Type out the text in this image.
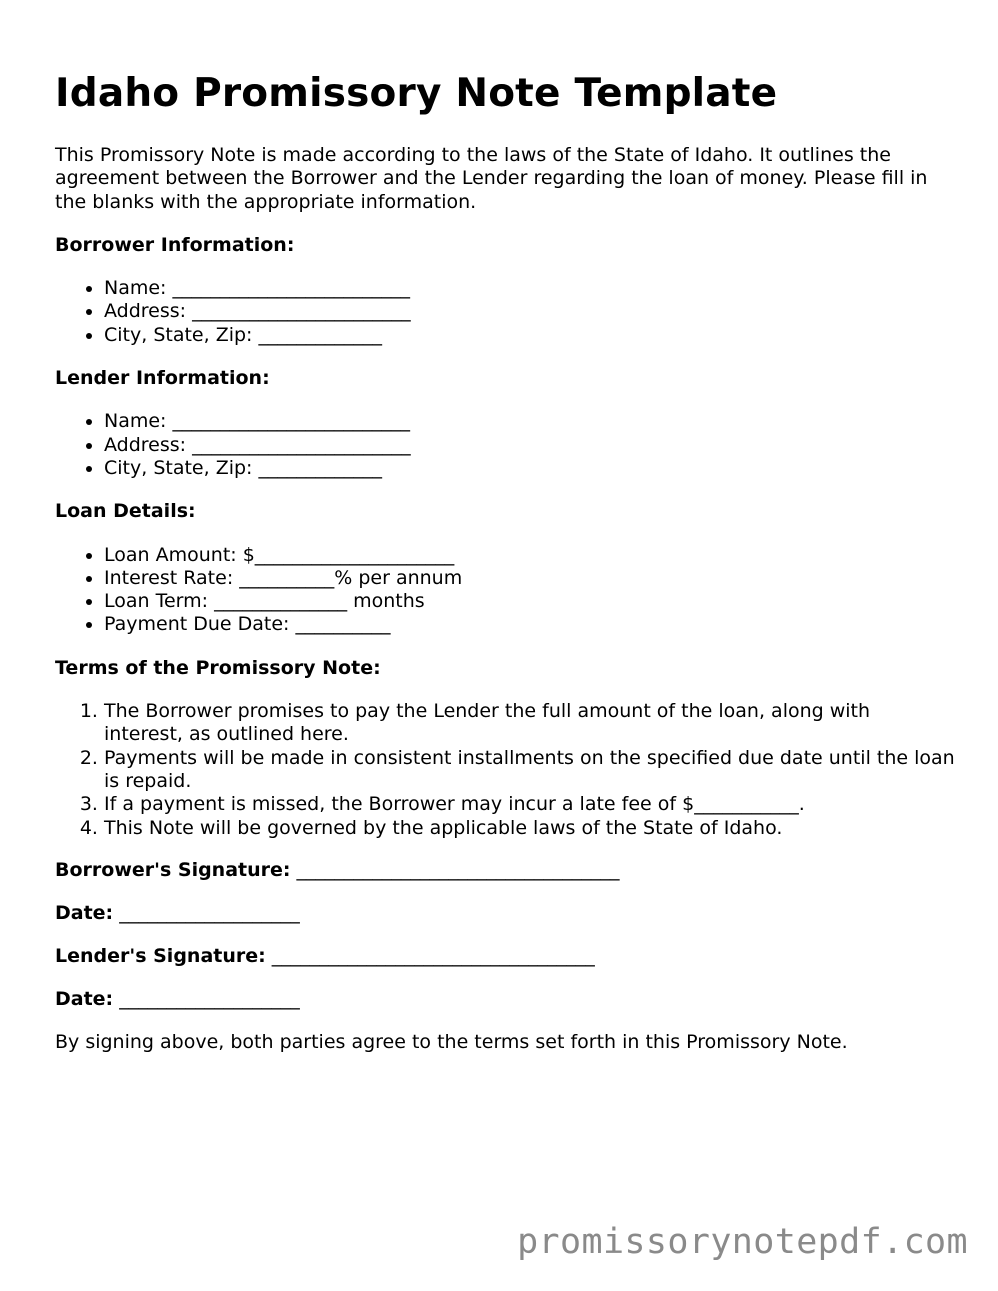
Idaho Promissory Note Template

This Promissory Note is made according to the laws of the State of Idaho. It outlines the agreement between the Borrower and the Lender regarding the loan of money. Please fill in the blanks with the appropriate information.

Borrower Information:

• Name: _________________________
• Address: _______________________
• City, State, Zip: _____________

Lender Information:

• Name: _________________________
• Address: _______________________
• City, State, Zip: _____________

Loan Details:

• Loan Amount: $_____________________
• Interest Rate: __________% per annum
• Loan Term: ______________ months
• Payment Due Date: __________

Terms of the Promissory Note:

1. The Borrower promises to pay the Lender the full amount of the loan, along with interest, as outlined here.
2. Payments will be made in consistent installments on the specified due date until the loan is repaid.
3. If a payment is missed, the Borrower may incur a late fee of $___________.
4. This Note will be governed by the applicable laws of the State of Idaho.

Borrower's Signature: __________________________________

Date: ___________________

Lender's Signature: __________________________________

Date: ___________________

By signing above, both parties agree to the terms set forth in this Promissory Note.

promissorynotepdf.com
